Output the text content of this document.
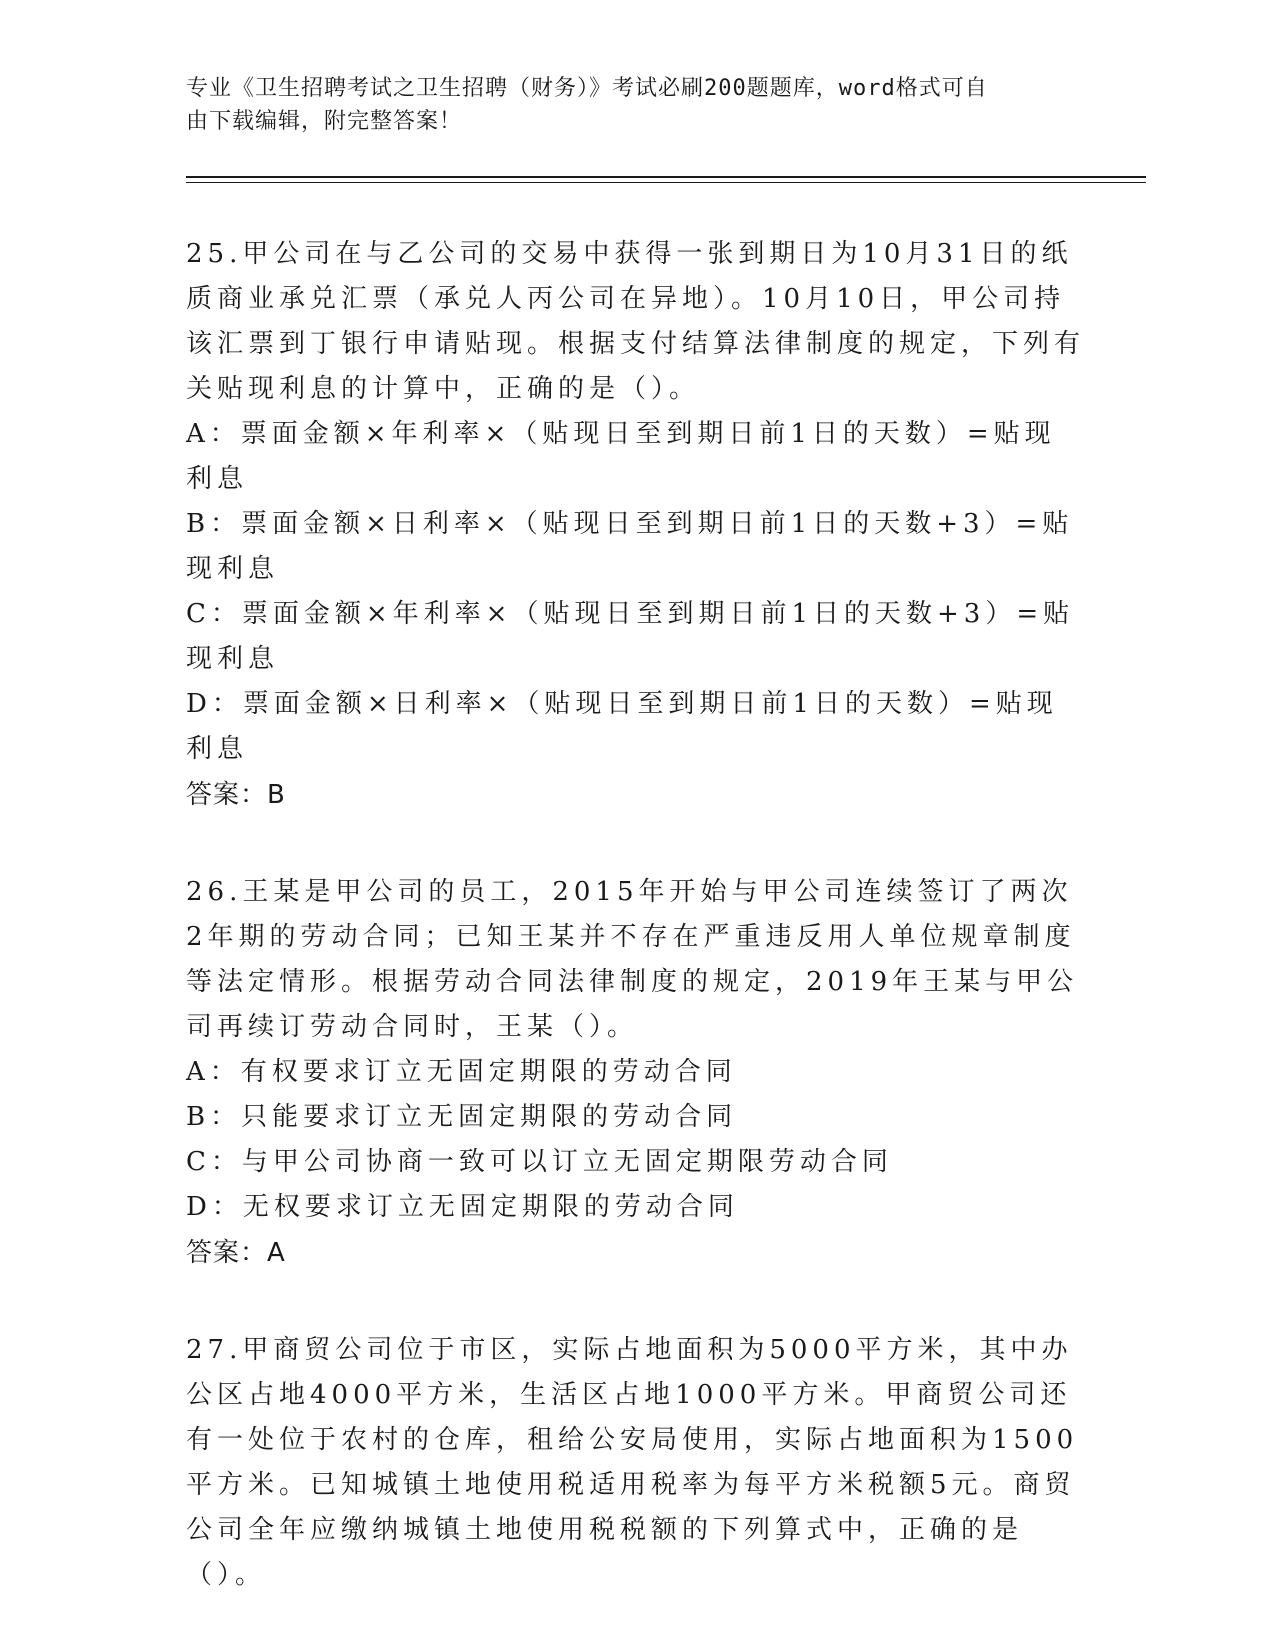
专业《卫生招聘考试之卫生招聘（财务）》考试必刷200题题库，word格式可自
由下载编辑，附完整答案！

25.甲公司在与乙公司的交易中获得一张到期日为10月31日的纸质商业承兑汇票（承兑人丙公司在异地）。10月10日，甲公司持该汇票到丁银行申请贴现。根据支付结算法律制度的规定，下列有关贴现利息的计算中，正确的是（）。

A：票面金额×年利率×（贴现日至到期日前1日的天数）=贴现利息

B：票面金额×日利率×（贴现日至到期日前1日的天数+3）=贴现利息

C：票面金额×年利率×（贴现日至到期日前1日的天数+3）=贴现利息

D：票面金额×日利率×（贴现日至到期日前1日的天数）=贴现利息

答案：B

26.王某是甲公司的员工，2015年开始与甲公司连续签订了两次2年期的劳动合同；已知王某并不存在严重违反用人单位规章制度等法定情形。根据劳动合同法律制度的规定，2019年王某与甲公司再续订劳动合同时，王某（）。

A：有权要求订立无固定期限的劳动合同

B：只能要求订立无固定期限的劳动合同

C：与甲公司协商一致可以订立无固定期限劳动合同

D：无权要求订立无固定期限的劳动合同

答案：A

27.甲商贸公司位于市区，实际占地面积为5000平方米，其中办公区占地4000平方米，生活区占地1000平方米。甲商贸公司还有一处位于农村的仓库，租给公安局使用，实际占地面积为1500平方米。已知城镇土地使用税适用税率为每平方米税额5元。商贸公司全年应缴纳城镇土地使用税税额的下列算式中，正确的是（）。
